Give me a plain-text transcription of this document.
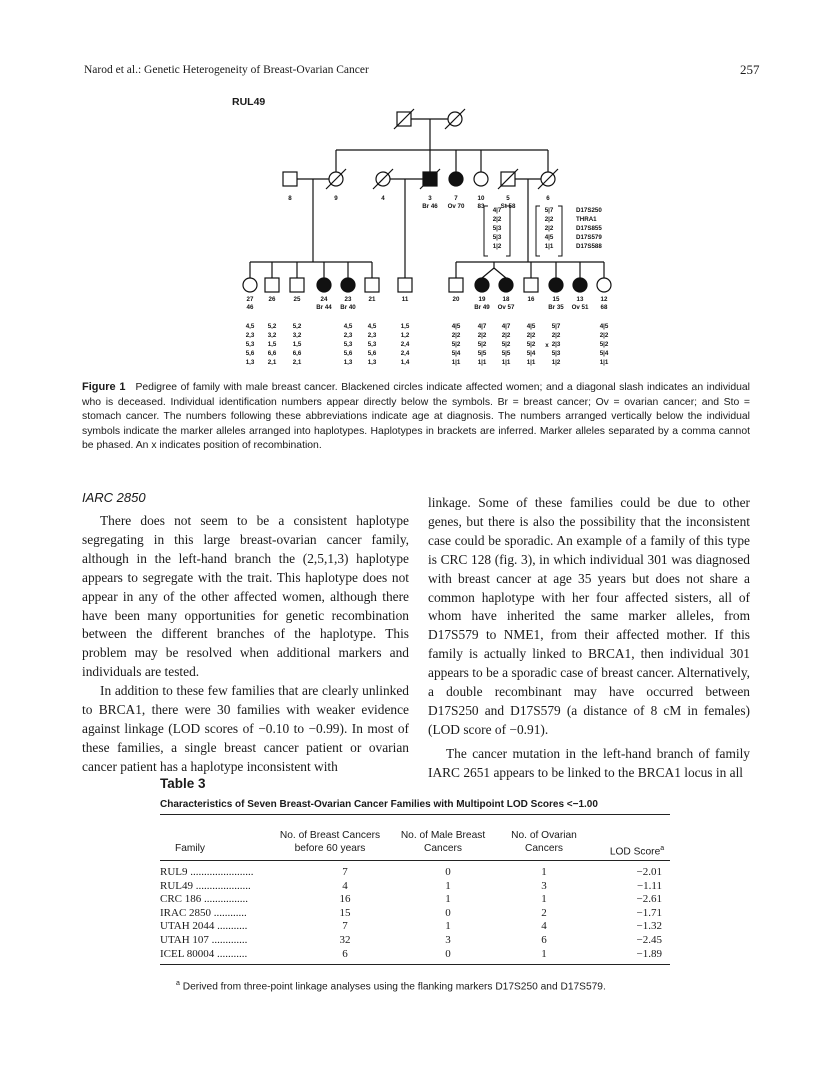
Narod et al.: Genetic Heterogeneity of Breast-Ovarian Cancer	257
RUL49
8	9	4	3
Br 46
7
Ov 70
10
83
5
St 58
6
4|7
2|2
5|3
5|3
1|2
5|7
2|2
2|2
4|5
1|1
D17S250
THRA1
D17S855
D17S579
D17S588
27
46
26	25	24
Br 44
23
Br 40
21	11	20	19
Br 49
18
Ov 57
16	15
Br 35
13
Ov 51
12
68
4,5
2,3
5,3
5,6
1,3
5,2
3,2
1,5
6,6
2,1
5,2
3,2
1,5
6,6
2,1
4,5
2,3
5,3
5,6
1,3
4,5
2,3
5,3
5,6
1,3
1,5
1,2
2,4
2,4
1,4
4|5
2|2
5|2
5|4
1|1
4|7
2|2
5|2
5|5
1|1
4|7
2|2
5|2
5|5
1|1
4|5
2|2
5|2
5|4
1|1
5|7
2|2
2|3
5|3
1|2
4|5
2|2
5|2
5|4
1|1
x
Figure 1 Pedigree of family with male breast cancer. Blackened circles indicate affected women; and a diagonal slash indicates an individual who is deceased. Individual identification numbers appear directly below the symbols. Br = breast cancer; Ov = ovarian cancer; and Sto = stomach cancer. The numbers following these abbreviations indicate age at diagnosis. The numbers arranged vertically below the individual symbols indicate the marker alleles arranged into haplotypes. Haplotypes in brackets are inferred. Marker alleles separated by a comma cannot be phased. An x indicates position of recombination.
IARC 2850

There does not seem to be a consistent haplotype segregating in this large breast-ovarian cancer family, although in the left-hand branch the (2,5,1,3) haplotype appears to segregate with the trait. This haplotype does not appear in any of the other affected women, although there have been many opportunities for genetic recombination between the different branches of the haplotype. This problem may be resolved when additional markers and individuals are tested.

In addition to these few families that are clearly unlinked to BRCA1, there were 30 families with weaker evidence against linkage (LOD scores of −0.10 to −0.99). In most of these families, a single breast cancer patient or ovarian cancer patient has a haplotype inconsistent with

linkage. Some of these families could be due to other genes, but there is also the possibility that the inconsistent case could be sporadic. An example of a family of this type is CRC 128 (fig. 3), in which individual 301 was diagnosed with breast cancer at age 35 years but does not share a common haplotype with her four affected sisters, all of whom have inherited the same marker alleles, from D17S579 to NME1, from their affected mother. If this family is actually linked to BRCA1, then individual 301 appears to be a sporadic case of breast cancer. Alternatively, a double recombinant may have occurred between D17S250 and D17S579 (a distance of 8 cM in females) (LOD score of −0.91).

The cancer mutation in the left-hand branch of family IARC 2651 appears to be linked to the BRCA1 locus in all

Table 3
Characteristics of Seven Breast-Ovarian Cancer Families with Multipoint LOD Scores <−1.00
Family
No. of Breast Cancers
before 60 years
No. of Male Breast
Cancers
No. of Ovarian
Cancers	LOD Score$^a$
RUL9 .......................	7	0	1	−2.01
RUL49 ....................	4	1	3	−1.11
CRC 186 ................	16	1	1	−2.61
IRAC 2850 ............	15	0	2	−1.71
UTAH 2044 ...........	7	1	4	−1.32
UTAH 107 .............	32	3	6	−2.45
ICEL 80004 ...........	6	0	1	−1.89
$^a$ Derived from three-point linkage analyses using the flanking markers D17S250 and D17S579.
